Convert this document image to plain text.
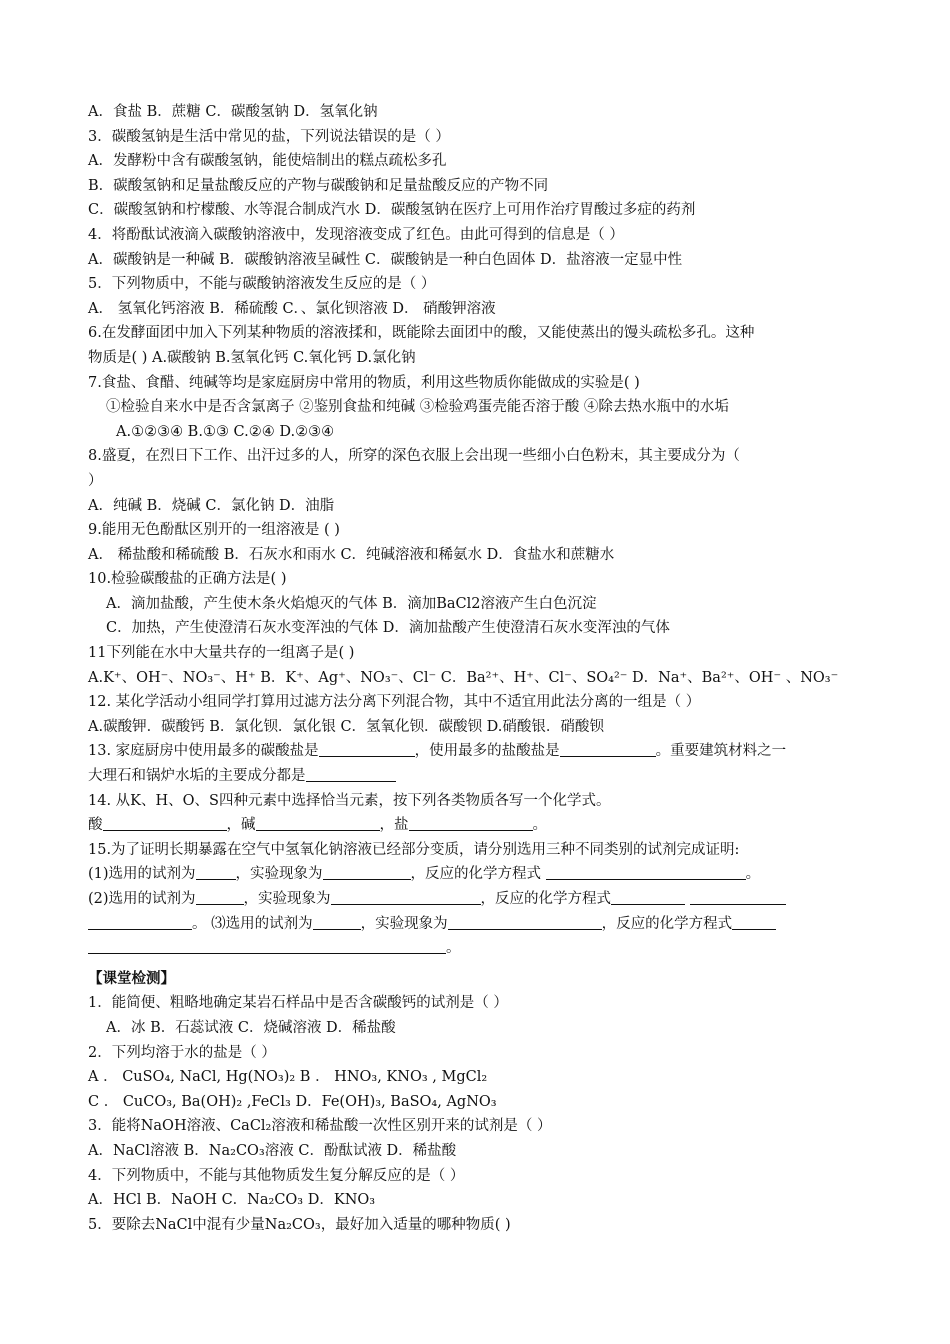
A．食盐 B．蔗糖 C．碳酸氢钠 D．氢氧化钠
3．碳酸氢钠是生活中常见的盐，下列说法错误的是（ ）
A．发酵粉中含有碳酸氢钠，能使焙制出的糕点疏松多孔
B．碳酸氢钠和足量盐酸反应的产物与碳酸钠和足量盐酸反应的产物不同
C．碳酸氢钠和柠檬酸、水等混合制成汽水 D．碳酸氢钠在医疗上可用作治疗胃酸过多症的药剂
4．将酚酞试液滴入碳酸钠溶液中，发现溶液变成了红色。由此可得到的信息是（ ）
A．碳酸钠是一种碱 B．碳酸钠溶液呈碱性 C．碳酸钠是一种白色固体 D．盐溶液一定显中性
5．下列物质中，不能与碳酸钠溶液发生反应的是（ ）
A． 氢氧化钙溶液 B．稀硫酸 C．、氯化钡溶液 D． 硝酸钾溶液
6.在发酵面团中加入下列某种物质的溶液揉和，既能除去面团中的酸，又能使蒸出的馒头疏松多孔。这种
物质是( ) A.碳酸钠 B.氢氧化钙 C.氧化钙 D.氯化钠
7.食盐、食醋、纯碱等均是家庭厨房中常用的物质，利用这些物质你能做成的实验是( )
①检验自来水中是否含氯离子 ②鉴别食盐和纯碱 ③检验鸡蛋壳能否溶于酸 ④除去热水瓶中的水垢
A.①②③④ B.①③ C.②④ D.②③④
8.盛夏，在烈日下工作、出汗过多的人，所穿的深色衣服上会出现一些细小白色粉末，其主要成分为（
）
A．纯碱 B．烧碱 C．氯化钠 D．油脂
9.能用无色酚酞区别开的一组溶液是 ( )
A． 稀盐酸和稀硫酸 B．石灰水和雨水 C．纯碱溶液和稀氨水 D．食盐水和蔗糖水
10.检验碳酸盐的正确方法是( )
A．滴加盐酸，产生使木条火焰熄灭的气体 B．滴加BaCl2溶液产生白色沉淀
C．加热，产生使澄清石灰水变浑浊的气体 D．滴加盐酸产生使澄清石灰水变浑浊的气体
11下列能在水中大量共存的一组离子是( )
A.K⁺、OH⁻、NO₃⁻、H⁺ B．K⁺、Ag⁺、NO₃⁻、Cl⁻ C．Ba²⁺、H⁺、Cl⁻、SO₄²⁻ D．Na⁺、Ba²⁺、OH⁻ 、NO₃⁻
12. 某化学活动小组同学打算用过滤方法分离下列混合物，其中不适宜用此法分离的一组是（ ）
A.碳酸钾．碳酸钙 B．氯化钡．氯化银 C．氢氧化钡．碳酸钡 D.硝酸银．硝酸钡
13. 家庭厨房中使用最多的碳酸盐是	，使用最多的盐酸盐是	。重要建筑材料之一
大理石和锅炉水垢的主要成分都是
14. 从K、H、O、S四种元素中选择恰当元素，按下列各类物质各写一个化学式。
酸	，碱	，盐	。
15.为了证明长期暴露在空气中氢氧化钠溶液已经部分变质，请分别选用三种不同类别的试剂完成证明:
(1)选用的试剂为	，实验现象为	，反应的化学方程式	。
(2)选用的试剂为	，实验现象为	，反应的化学方程式
。 ⑶选用的试剂为	，实验现象为	，反应的化学方程式
。
【课堂检测】
1．能简便、粗略地确定某岩石样品中是否含碳酸钙的试剂是（ ）
A．冰 B．石蕊试液 C．烧碱溶液 D．稀盐酸
2．下列均溶于水的盐是（ ）
A ． CuSO₄, NaCl, Hg(NO₃)₂ B ． HNO₃, KNO₃ , MgCl₂
C ． CuCO₃, Ba(OH)₂ ,FeCl₃ D．Fe(OH)₃, BaSO₄, AgNO₃
3．能将NaOH溶液、CaCl₂溶液和稀盐酸一次性区别开来的试剂是（ ）
A．NaCl溶液 B．Na₂CO₃溶液 C．酚酞试液 D．稀盐酸
4．下列物质中，不能与其他物质发生复分解反应的是（ ）
A．HCl B．NaOH C．Na₂CO₃ D．KNO₃
5．要除去NaCl中混有少量Na₂CO₃，最好加入适量的哪种物质( )
